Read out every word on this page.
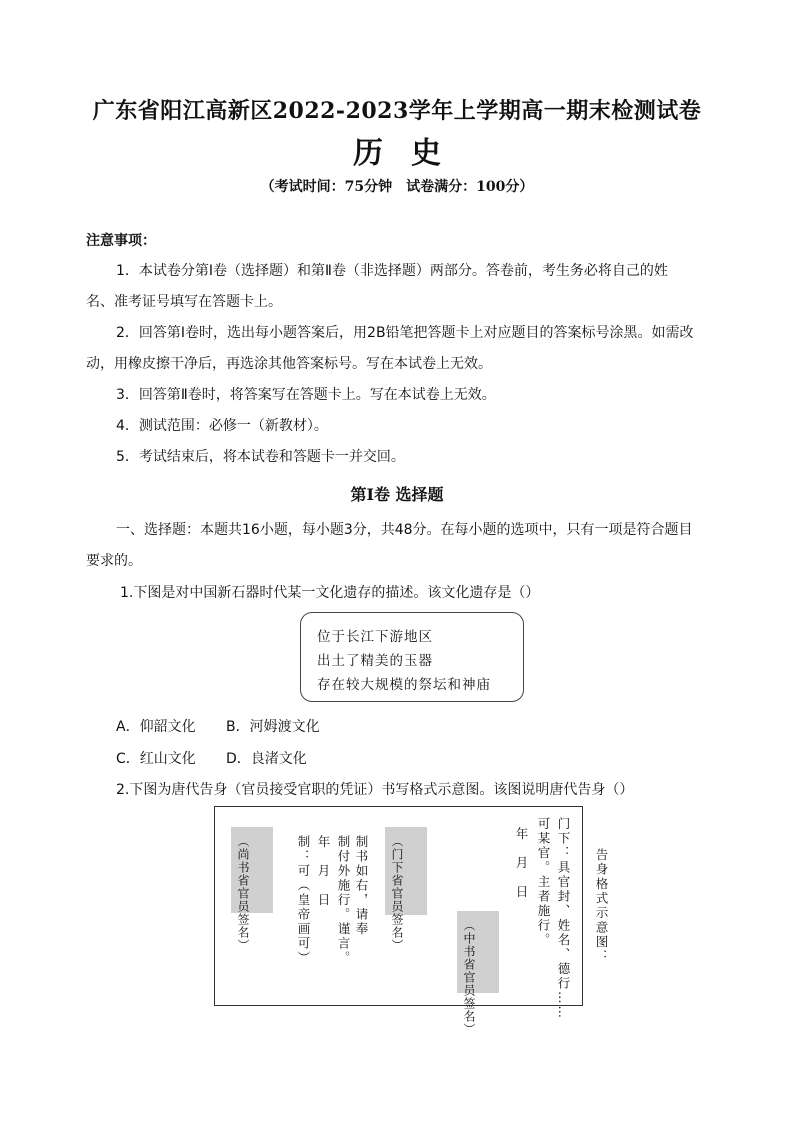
广东省阳江高新区2022-2023学年上学期高一期末检测试卷
历史
（考试时间：75分钟　试卷满分：100分）
注意事项：
1．本试卷分第Ⅰ卷（选择题）和第Ⅱ卷（非选择题）两部分。答卷前，考生务必将自己的姓
名、准考证号填写在答题卡上。
2．回答第Ⅰ卷时，选出每小题答案后，用2B铅笔把答题卡上对应题目的答案标号涂黑。如需改
动，用橡皮擦干净后，再选涂其他答案标号。写在本试卷上无效。
3．回答第Ⅱ卷时，将答案写在答题卡上。写在本试卷上无效。
4．测试范围：必修一（新教材）。
5．考试结束后，将本试卷和答题卡一并交回。
第Ⅰ卷 选择题
一、选择题：本题共16小题，每小题3分，共48分。在每小题的选项中，只有一项是符合题目
要求的。
1.下图是对中国新石器时代某一文化遗存的描述。该文化遗存是（）
位于长江下游地区
出土了精美的玉器
存在较大规模的祭坛和神庙
A．仰韶文化 B．河姆渡文化
C．红山文化 D．良渚文化
2.下图为唐代告身（官员接受官职的凭证）书写格式示意图。该图说明唐代告身（）
门下：具官封、姓名、德行……
可某官。主者施行。
年　月　日
（中书省官员签名）
（门下省官员签名）
制书如右，请奉
制付外施行。谨言。
年　月　日
制：可（皇帝画可）
（尚书省官员签名）	告身格式示意图：
